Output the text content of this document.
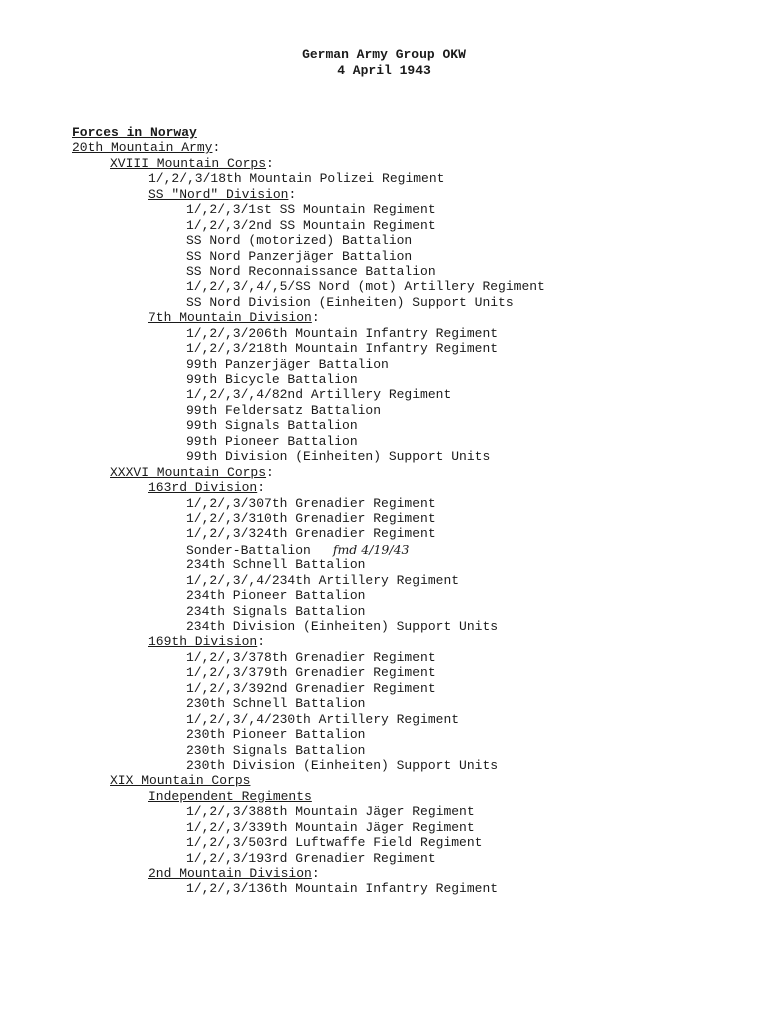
German Army Group OKW
4 April 1943
Forces in Norway
20th Mountain Army:
XVIII Mountain Corps:
1/,2/,3/18th Mountain Polizei Regiment
SS "Nord" Division:
1/,2/,3/1st SS Mountain Regiment
1/,2/,3/2nd SS Mountain Regiment
SS Nord (motorized) Battalion
SS Nord Panzerjäger Battalion
SS Nord Reconnaissance Battalion
1/,2/,3/,4/,5/SS Nord (mot) Artillery Regiment
SS Nord Division (Einheiten) Support Units
7th Mountain Division:
1/,2/,3/206th Mountain Infantry Regiment
1/,2/,3/218th Mountain Infantry Regiment
99th Panzerjäger Battalion
99th Bicycle Battalion
1/,2/,3/,4/82nd Artillery Regiment
99th Feldersatz Battalion
99th Signals Battalion
99th Pioneer Battalion
99th Division (Einheiten) Support Units
XXXVI Mountain Corps:
163rd Division:
1/,2/,3/307th Grenadier Regiment
1/,2/,3/310th Grenadier Regiment
1/,2/,3/324th Grenadier Regiment
Sonder-Battalion fmd 4/19/43
234th Schnell Battalion
1/,2/,3/,4/234th Artillery Regiment
234th Pioneer Battalion
234th Signals Battalion
234th Division (Einheiten) Support Units
169th Division:
1/,2/,3/378th Grenadier Regiment
1/,2/,3/379th Grenadier Regiment
1/,2/,3/392nd Grenadier Regiment
230th Schnell Battalion
1/,2/,3/,4/230th Artillery Regiment
230th Pioneer Battalion
230th Signals Battalion
230th Division (Einheiten) Support Units
XIX Mountain Corps
Independent Regiments
1/,2/,3/388th Mountain Jäger Regiment
1/,2/,3/339th Mountain Jäger Regiment
1/,2/,3/503rd Luftwaffe Field Regiment
1/,2/,3/193rd Grenadier Regiment
2nd Mountain Division:
1/,2/,3/136th Mountain Infantry Regiment
